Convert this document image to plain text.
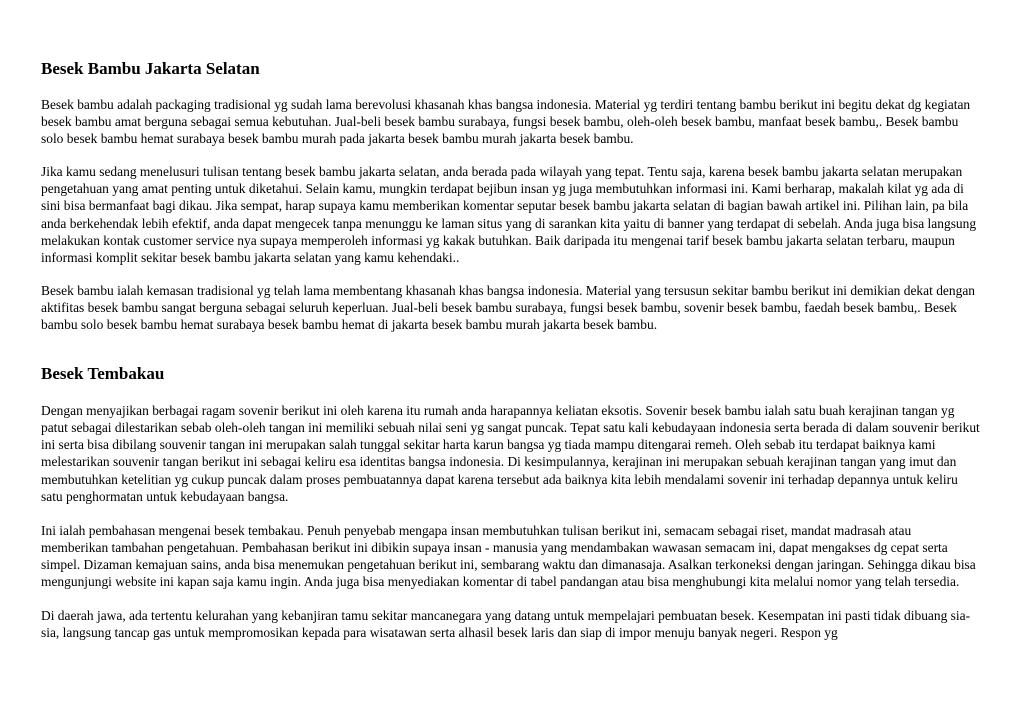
Besek Bambu Jakarta Selatan

Besek bambu adalah packaging tradisional yg sudah lama berevolusi khasanah khas bangsa indonesia. Material yg terdiri tentang bambu berikut ini begitu dekat dg kegiatan besek bambu amat berguna sebagai semua kebutuhan. Jual-beli besek bambu surabaya, fungsi besek bambu, oleh-oleh besek bambu, manfaat besek bambu,. Besek bambu solo besek bambu hemat surabaya besek bambu murah pada jakarta besek bambu murah jakarta besek bambu.

Jika kamu sedang menelusuri tulisan tentang besek bambu jakarta selatan, anda berada pada wilayah yang tepat. Tentu saja, karena besek bambu jakarta selatan merupakan pengetahuan yang amat penting untuk diketahui. Selain kamu, mungkin terdapat bejibun insan yg juga membutuhkan informasi ini. Kami berharap, makalah kilat yg ada di sini bisa bermanfaat bagi dikau. Jika sempat, harap supaya kamu memberikan komentar seputar besek bambu jakarta selatan di bagian bawah artikel ini. Pilihan lain, pa bila anda berkehendak lebih efektif, anda dapat mengecek tanpa menunggu ke laman situs yang di sarankan kita yaitu di banner yang terdapat di sebelah. Anda juga bisa langsung melakukan kontak customer service nya supaya memperoleh informasi yg kakak butuhkan. Baik daripada itu mengenai tarif besek bambu jakarta selatan terbaru, maupun informasi komplit sekitar besek bambu jakarta selatan yang kamu kehendaki..

Besek bambu ialah kemasan tradisional yg telah lama membentang khasanah khas bangsa indonesia. Material yang tersusun sekitar bambu berikut ini demikian dekat dengan aktifitas besek bambu sangat berguna sebagai seluruh keperluan. Jual-beli besek bambu surabaya, fungsi besek bambu, sovenir besek bambu, faedah besek bambu,. Besek bambu solo besek bambu hemat surabaya besek bambu hemat di jakarta besek bambu murah jakarta besek bambu.

Besek Tembakau

Dengan menyajikan berbagai ragam sovenir berikut ini oleh karena itu rumah anda harapannya keliatan eksotis. Sovenir besek bambu ialah satu buah kerajinan tangan yg patut sebagai dilestarikan sebab oleh-oleh tangan ini memiliki sebuah nilai seni yg sangat puncak. Tepat satu kali kebudayaan indonesia serta berada di dalam souvenir berikut ini serta bisa dibilang souvenir tangan ini merupakan salah tunggal sekitar harta karun bangsa yg tiada mampu ditengarai remeh. Oleh sebab itu terdapat baiknya kami melestarikan souvenir tangan berikut ini sebagai keliru esa identitas bangsa indonesia. Di kesimpulannya, kerajinan ini merupakan sebuah kerajinan tangan yang imut dan membutuhkan ketelitian yg cukup puncak dalam proses pembuatannya dapat karena tersebut ada baiknya kita lebih mendalami sovenir ini terhadap depannya untuk keliru satu penghormatan untuk kebudayaan bangsa.

Ini ialah pembahasan mengenai besek tembakau. Penuh penyebab mengapa insan membutuhkan tulisan berikut ini, semacam sebagai riset, mandat madrasah atau memberikan tambahan pengetahuan. Pembahasan berikut ini dibikin supaya insan - manusia yang mendambakan wawasan semacam ini, dapat mengakses dg cepat serta simpel. Dizaman kemajuan sains, anda bisa menemukan pengetahuan berikut ini, sembarang waktu dan dimanasaja. Asalkan terkoneksi dengan jaringan. Sehingga dikau bisa mengunjungi website ini kapan saja kamu ingin. Anda juga bisa menyediakan komentar di tabel pandangan atau bisa menghubungi kita melalui nomor yang telah tersedia.

Di daerah jawa, ada tertentu kelurahan yang kebanjiran tamu sekitar mancanegara yang datang untuk mempelajari pembuatan besek. Kesempatan ini pasti tidak dibuang sia-sia, langsung tancap gas untuk mempromosikan kepada para wisatawan serta alhasil besek laris dan siap di impor menuju banyak negeri. Respon yg
